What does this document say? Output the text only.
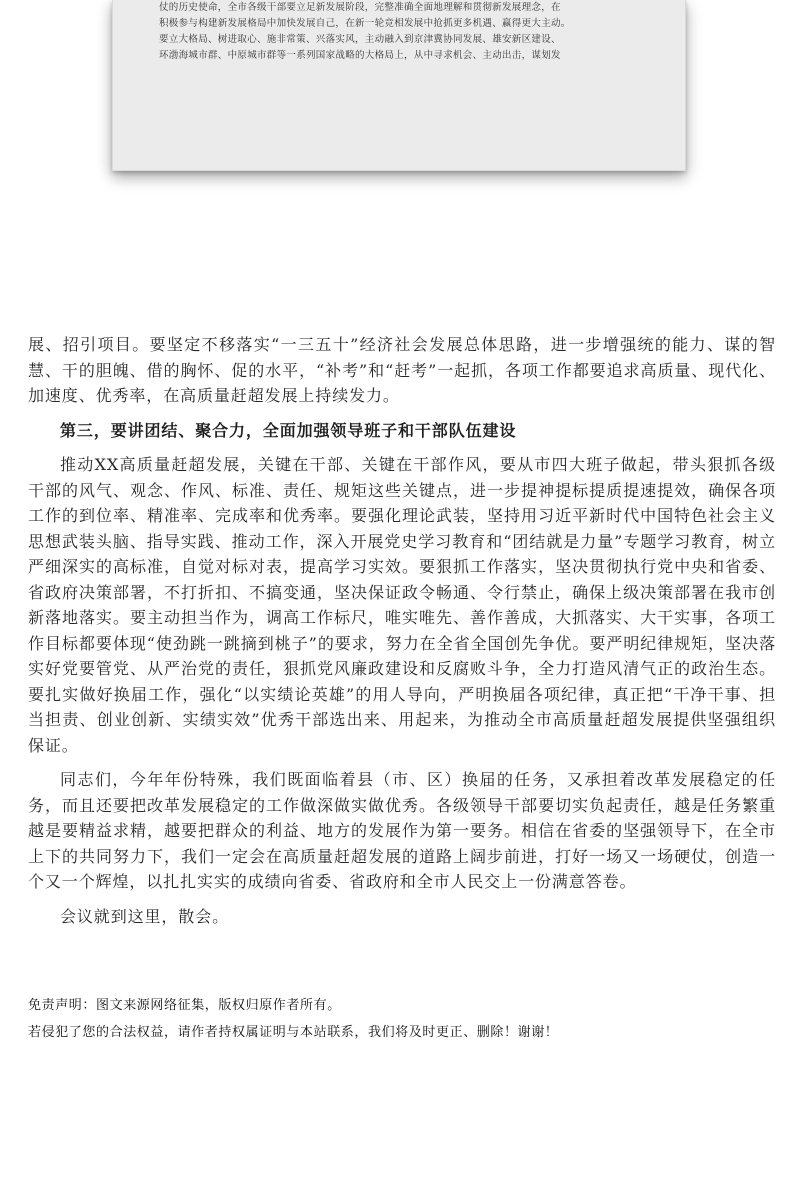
仗的历史使命，全市各级干部要立足新发展阶段，完整准确全面地理解和贯彻新发展理念，在

积极参与构建新发展格局中加快发展自己，在新一轮竞相发展中抢抓更多机遇、赢得更大主动。

要立大格局、树进取心、施非常策、兴落实风，主动融入到京津冀协同发展、雄安新区建设、

环渤海城市群、中原城市群等一系列国家战略的大格局上，从中寻求机会、主动出击，谋划发

展、招引项目。要坚定不移落实“一三五十”经济社会发展总体思路，进一步增强统的能力、谋的智慧、干的胆魄、借的胸怀、促的水平，“补考”和“赶考”一起抓，各项工作都要追求高质量、现代化、加速度、优秀率，在高质量赶超发展上持续发力。

第三，要讲团结、聚合力，全面加强领导班子和干部队伍建设

推动XX高质量赶超发展，关键在干部、关键在干部作风，要从市四大班子做起，带头狠抓各级干部的风气、观念、作风、标准、责任、规矩这些关键点，进一步提神提标提质提速提效，确保各项工作的到位率、精准率、完成率和优秀率。要强化理论武装，坚持用习近平新时代中国特色社会主义思想武装头脑、指导实践、推动工作，深入开展党史学习教育和“团结就是力量”专题学习教育，树立严细深实的高标准，自觉对标对表，提高学习实效。要狠抓工作落实，坚决贯彻执行党中央和省委、省政府决策部署，不打折扣、不搞变通，坚决保证政令畅通、令行禁止，确保上级决策部署在我市创新落地落实。要主动担当作为，调高工作标尺，唯实唯先、善作善成，大抓落实、大干实事，各项工作目标都要体现“使劲跳一跳摘到桃子”的要求，努力在全省全国创先争优。要严明纪律规矩，坚决落实好党要管党、从严治党的责任，狠抓党风廉政建设和反腐败斗争，全力打造风清气正的政治生态。要扎实做好换届工作，强化“以实绩论英雄”的用人导向，严明换届各项纪律，真正把“干净干事、担当担责、创业创新、实绩实效”优秀干部选出来、用起来，为推动全市高质量赶超发展提供坚强组织保证。

同志们，今年年份特殊，我们既面临着县（市、区）换届的任务，又承担着改革发展稳定的任务，而且还要把改革发展稳定的工作做深做实做优秀。各级领导干部要切实负起责任，越是任务繁重越是要精益求精，越要把群众的利益、地方的发展作为第一要务。相信在省委的坚强领导下，在全市上下的共同努力下，我们一定会在高质量赶超发展的道路上阔步前进，打好一场又一场硬仗，创造一个又一个辉煌，以扎扎实实的成绩向省委、省政府和全市人民交上一份满意答卷。

会议就到这里，散会。

免责声明：图文来源网络征集，版权归原作者所有。

若侵犯了您的合法权益，请作者持权属证明与本站联系，我们将及时更正、删除！谢谢！
